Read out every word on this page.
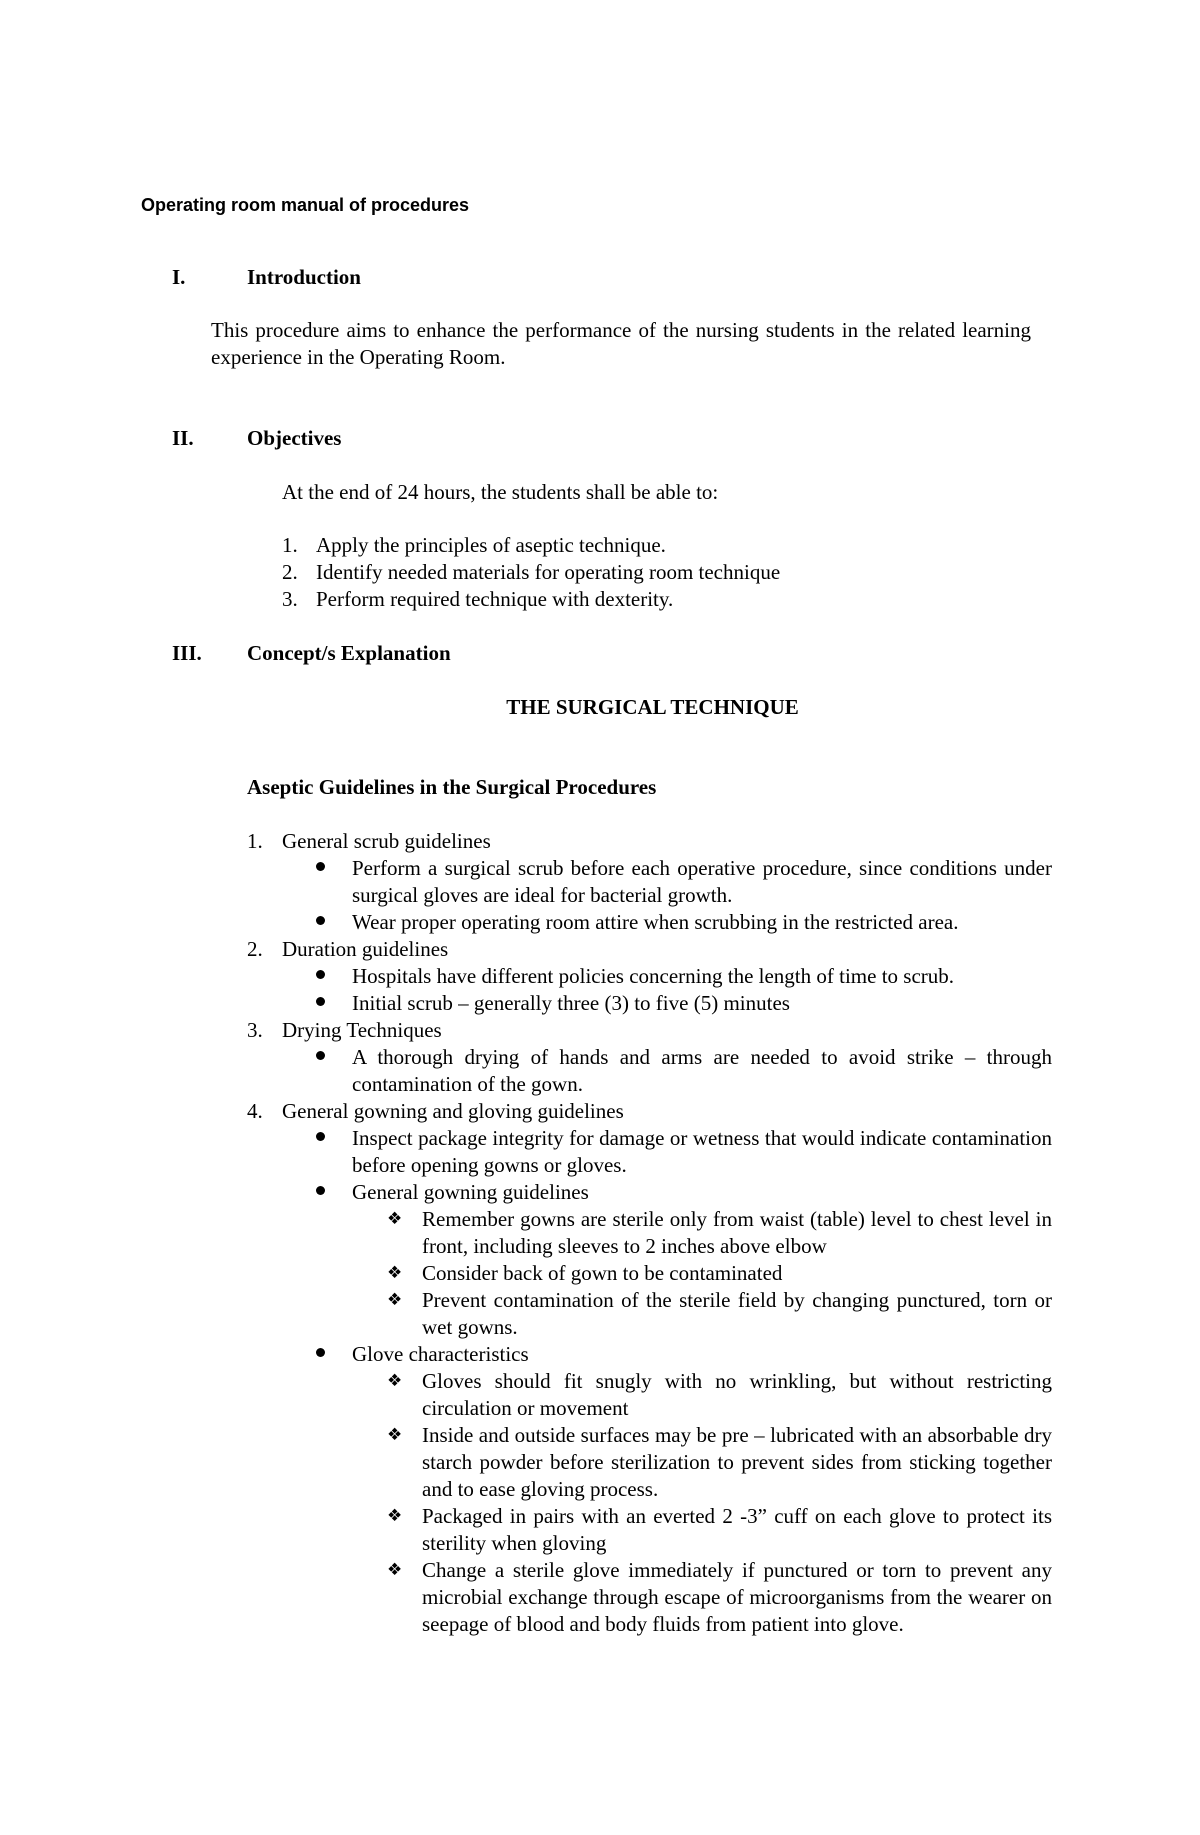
Operating room manual of procedures
I.	Introduction
This procedure aims to enhance the performance of the nursing students in the related learning experience in the Operating Room.
II.	Objectives
At the end of 24 hours, the students shall be able to:
1. Apply the principles of aseptic technique.
2. Identify needed materials for operating room technique
3. Perform required technique with dexterity.
III. Concept/s Explanation
THE SURGICAL TECHNIQUE
Aseptic Guidelines in the Surgical Procedures
1. General scrub guidelines
Perform a surgical scrub before each operative procedure, since conditions under surgical gloves are ideal for bacterial growth.
Wear proper operating room attire when scrubbing in the restricted area.
2. Duration guidelines
Hospitals have different policies concerning the length of time to scrub.
Initial scrub – generally three (3) to five (5) minutes
3. Drying Techniques
A thorough drying of hands and arms are needed to avoid strike – through contamination of the gown.
4. General gowning and gloving guidelines
Inspect package integrity for damage or wetness that would indicate contamination before opening gowns or gloves.
General gowning guidelines
❖ Remember gowns are sterile only from waist (table) level to chest level in front, including sleeves to 2 inches above elbow
❖ Consider back of gown to be contaminated
❖ Prevent contamination of the sterile field by changing punctured, torn or wet gowns.
Glove characteristics
❖ Gloves should fit snugly with no wrinkling, but without restricting circulation or movement
❖ Inside and outside surfaces may be pre – lubricated with an absorbable dry starch powder before sterilization to prevent sides from sticking together and to ease gloving process.
❖ Packaged in pairs with an everted 2 -3” cuff on each glove to protect its sterility when gloving
❖ Change a sterile glove immediately if punctured or torn to prevent any microbial exchange through escape of microorganisms from the wearer on seepage of blood and body fluids from patient into glove.
